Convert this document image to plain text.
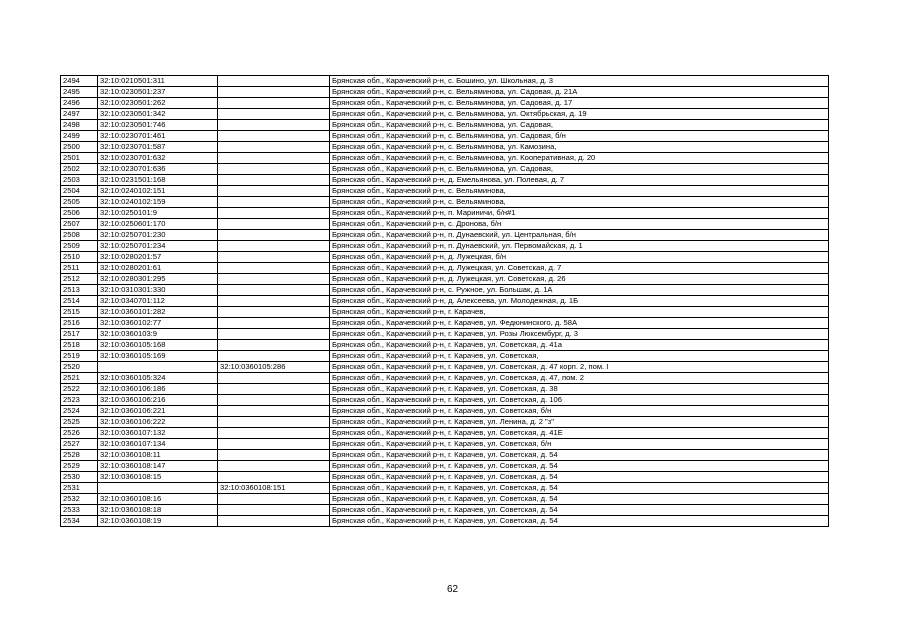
2494	32:10:0210501:311		Брянская обл., Карачевский р-н, с. Бошино, ул. Школьная, д. 3
2495	32:10:0230501:237		Брянская обл., Карачевский р-н, с. Вельяминова, ул. Садовая, д. 21А
2496	32:10:0230501:262		Брянская обл., Карачевский р-н, с. Вельяминова, ул. Садовая, д. 17
2497	32:10:0230501:342		Брянская обл., Карачевский р-н, с. Вельяминова, ул. Октябрьская, д. 19
2498	32:10:0230501:746		Брянская обл., Карачевский р-н, с. Вельяминова, ул. Садовая,
2499	32:10:0230701:461		Брянская обл., Карачевский р-н, с. Вельяминова, ул. Садовая, б/н
2500	32:10:0230701:587		Брянская обл., Карачевский р-н, с. Вельяминова, ул. Камозина,
2501	32:10:0230701:632		Брянская обл., Карачевский р-н, с. Вельяминова, ул. Кооперативная, д. 20
2502	32:10:0230701:636		Брянская обл., Карачевский р-н, с. Вельяминова, ул. Садовая,
2503	32:10:0231501:168		Брянская обл., Карачевский р-н, д. Емельянова, ул. Полевая, д. 7
2504	32:10:0240102:151		Брянская обл., Карачевский р-н, с. Вельяминова,
2505	32:10:0240102:159		Брянская обл., Карачевский р-н, с. Вельяминова,
2506	32:10:0250101:9		Брянская обл., Карачевский р-н, п. Мариничи, б/н#1
2507	32:10:0250601:170		Брянская обл., Карачевский р-н, с. Дронова, б/н
2508	32:10:0250701:230		Брянская обл., Карачевский р-н, п. Дунаевский, ул. Центральная, б/н
2509	32:10:0250701:234		Брянская обл., Карачевский р-н, п. Дунаевский, ул. Первомайская, д. 1
2510	32:10:0280201:57		Брянская обл., Карачевский р-н, д. Лужецкая, б/н
2511	32:10:0280201:61		Брянская обл., Карачевский р-н, д. Лужецкая, ул. Советская, д. 7
2512	32:10:0280301:295		Брянская обл., Карачевский р-н, д. Лужецкая, ул. Советская, д. 26
2513	32:10:0310301:330		Брянская обл., Карачевский р-н, с. Ружное, ул. Большак, д. 1А
2514	32:10:0340701:112		Брянская обл., Карачевский р-н, д. Алексеева, ул. Молодежная, д. 1Б
2515	32:10:0360101:282		Брянская обл., Карачевский р-н, г. Карачев,
2516	32:10:0360102:77		Брянская обл., Карачевский р-н, г. Карачев, ул. Федюнинского, д. 58А
2517	32:10:0360103:9		Брянская обл., Карачевский р-н, г. Карачев, ул. Розы Люксембург, д. 3
2518	32:10:0360105:168		Брянская обл., Карачевский р-н, г. Карачев, ул. Советская, д. 41а
2519	32:10:0360105:169		Брянская обл., Карачевский р-н, г. Карачев, ул. Советская,
2520		32:10:0360105:286	Брянская обл., Карачевский р-н, г. Карачев, ул. Советская, д. 47 корп. 2, пом. I
2521	32:10:0360105:324		Брянская обл., Карачевский р-н, г. Карачев, ул. Советская, д. 47, пом. 2
2522	32:10:0360106:186		Брянская обл., Карачевский р-н, г. Карачев, ул. Советская, д. 38
2523	32:10:0360106:216		Брянская обл., Карачевский р-н, г. Карачев, ул. Советская, д. 106
2524	32:10:0360106:221		Брянская обл., Карачевский р-н, г. Карачев, ул. Советская, б/н
2525	32:10:0360106:222		Брянская обл., Карачевский р-н, г. Карачев, ул. Ленина, д. 2 "з"
2526	32:10:0360107:132		Брянская обл., Карачевский р-н, г. Карачев, ул. Советская, д. 41Е
2527	32:10:0360107:134		Брянская обл., Карачевский р-н, г. Карачев, ул. Советская, б/н
2528	32:10:0360108:11		Брянская обл., Карачевский р-н, г. Карачев, ул. Советская, д. 54
2529	32:10:0360108:147		Брянская обл., Карачевский р-н, г. Карачев, ул. Советская, д. 54
2530	32:10:0360108:15		Брянская обл., Карачевский р-н, г. Карачев, ул. Советская, д. 54
2531		32:10:0360108:151	Брянская обл., Карачевский р-н, г. Карачев, ул. Советская, д. 54
2532	32:10:0360108:16		Брянская обл., Карачевский р-н, г. Карачев, ул. Советская, д. 54
2533	32:10:0360108:18		Брянская обл., Карачевский р-н, г. Карачев, ул. Советская, д. 54
2534	32:10:0360108:19		Брянская обл., Карачевский р-н, г. Карачев, ул. Советская, д. 54
62
